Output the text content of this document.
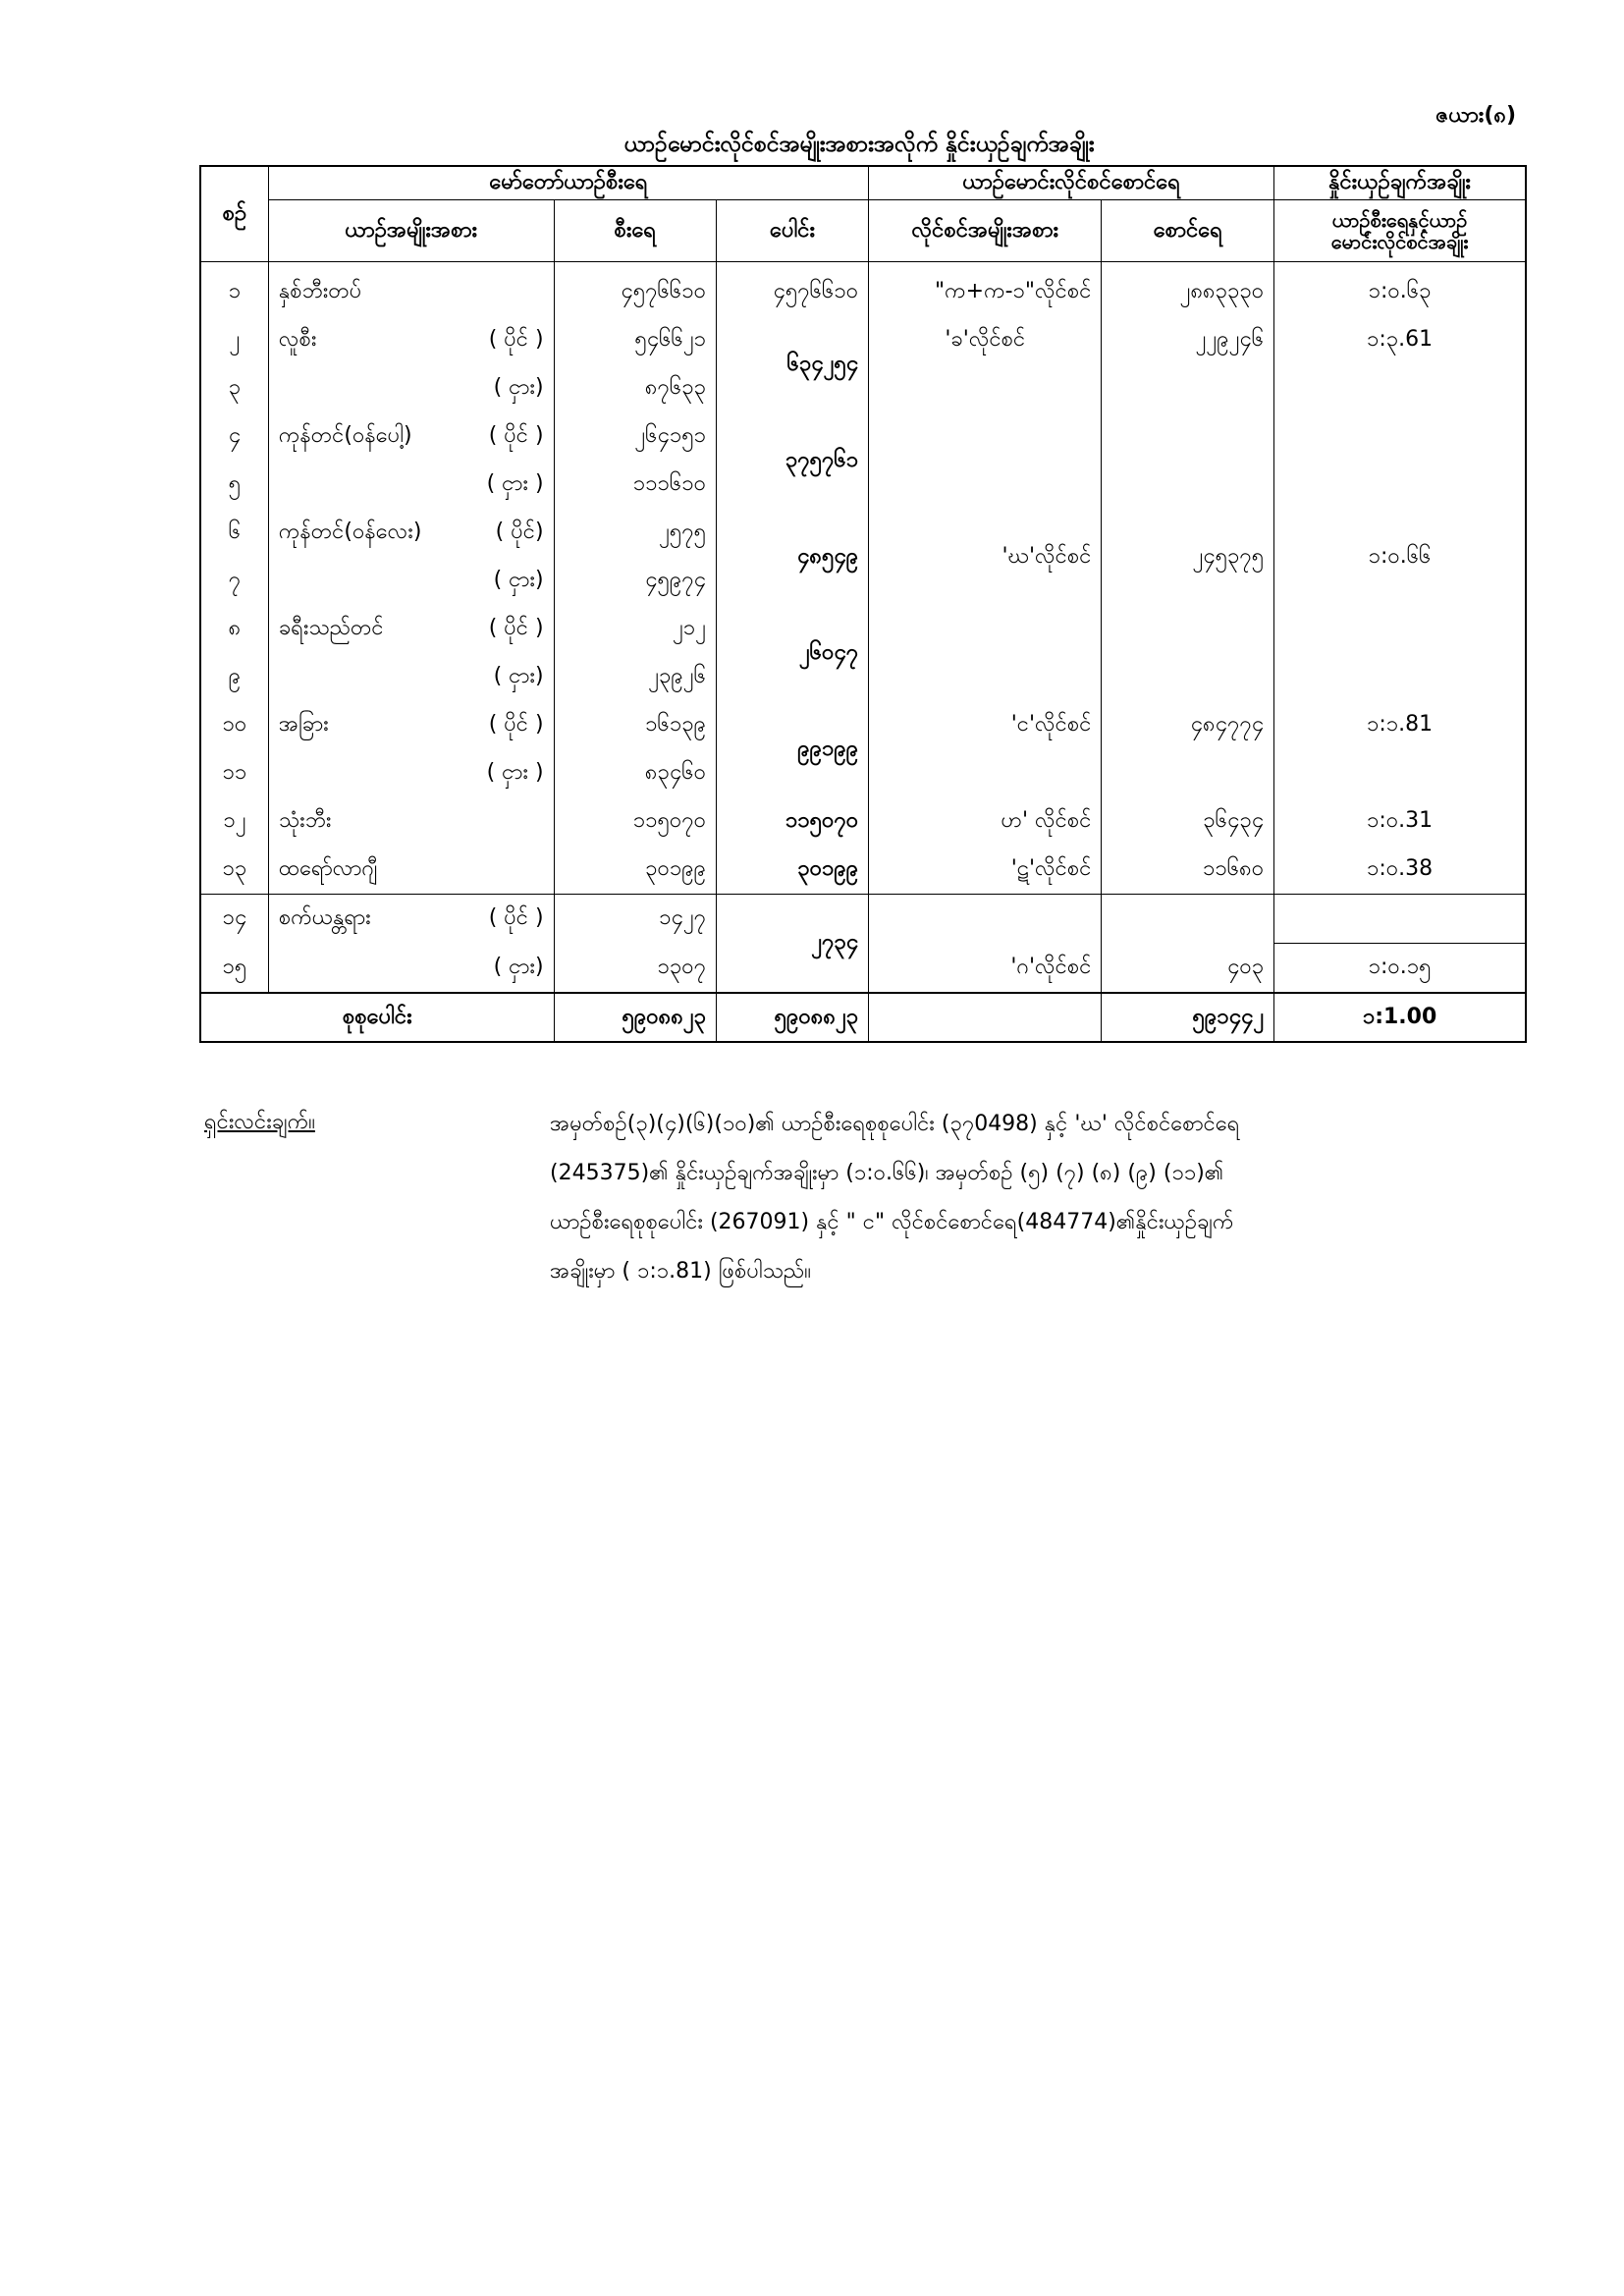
ဇယား(၈)
ယာဉ်မောင်းလိုင်စင်အမျိုးအစားအလိုက် နှိုင်းယှဉ်ချက်အချိုး
စဉ်	မော်တော်ယာဉ်စီးရေ			ယာဉ်မောင်းလိုင်စင်စောင်ရေ		နှိုင်းယှဉ်ချက်အချိုး
	ယာဉ်အမျိုးအစား	စီးရေ	ပေါင်း	လိုင်စင်အမျိုးအစား	စောင်ရေ	ယာဉ်စီးရေနှင့်ယာဉ်
မောင်းလိုင်စင်အချိုး
၁	နှစ်ဘီးတပ်	၄၅၇၆၆၁၀	၄၅၇၆၆၁၀	"က+က-၁"လိုင်စင်	၂၈၈၃၃၃၀	၁:၀.၆၃
၂	လူစီး ( ပိုင် )	၅၄၆၆၂၁	၆၃၄၂၅၄	'ခ'လိုင်စင်	၂၂၉၂၄၆	၁:၃.61
၃	( ငှား)	၈၇၆၃၃				
၄	ကုန်တင်(ဝန်ပေါ့) ( ပိုင် )	၂၆၄၁၅၁	၃၇၅၇၆၁	'ဃ'လိုင်စင်	၂၄၅၃၇၅	၁:၀.၆၆
၅	( ငှား )	၁၁၁၆၁၀				
၆	ကုန်တင်(ဝန်လေး) ( ပိုင်)	၂၅၇၅	၄၈၅၄၉			
၇	( ငှား)	၄၅၉၇၄				
၈	ခရီးသည်တင် ( ပိုင် )	၂၁၂	၂၆၀၄၇			
၉	( ငှား)	၂၃၉၂၆				
၁၀	အခြား ( ပိုင် )	၁၆၁၃၉	၉၉၁၉၉	'င'လိုင်စင်	၄၈၄၇၇၄	၁:၁.81
၁၁	( ငှား )	၈၃၄၆၀				
၁၂	သုံးဘီး	၁၁၅၀၇၀	၁၁၅၀၇၀	ဟ' လိုင်စင်	၃၆၄၃၄	၁:၀.31
၁၃	ထရော်လာဂျီ	၃၀၁၉၉	၃၀၁၉၉	'ဋ'လိုင်စင်	၁၁၆၈၀	၁:၀.38
၁၄	စက်ယန္တရား ( ပိုင် )	၁၄၂၇	၂၇၃၄	'ဂ'လိုင်စင်	၄၀၃	
၁၅	( ငှား)	၁၃၀၇				၁:၀.၁၅
စုစုပေါင်း		၅၉၀၈၈၂၃	၅၉၀၈၈၂၃		၅၉၁၄၄၂	၁:1.00
ရှင်းလင်းချက်။	အမှတ်စဉ်(၃)(၄)(၆)(၁၀)၏ ယာဉ်စီးရေစုစုပေါင်း (၃၇0498) နှင့် 'ဃ' လိုင်စင်စောင်ရေ
(245375)၏ နှိုင်းယှဉ်ချက်အချိုးမှာ (၁:၀.၆၆)၊ အမှတ်စဉ် (၅) (၇) (၈) (၉) (၁၁)၏
ယာဉ်စီးရေစုစုပေါင်း (267091) နှင့် " င" လိုင်စင်စောင်ရေ(484774)၏နှိုင်းယှဉ်ချက်
အချိုးမှာ ( ၁:၁.81) ဖြစ်ပါသည်။
